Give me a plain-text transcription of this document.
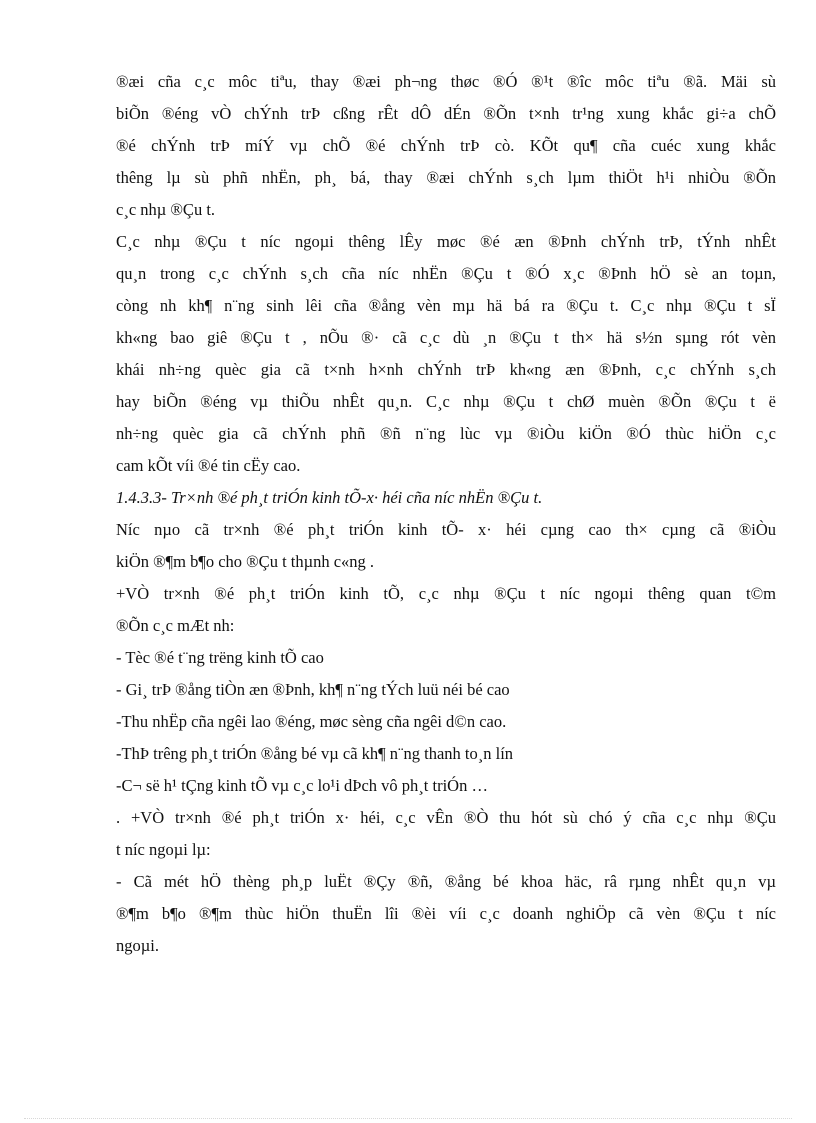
®æi cña c¸c môc tiªu, thay ®æi ph¬ng thøc ®Ó ®¹t ®îc môc tiªu ®ã. Mäi sù
biÕn ®éng vÒ chÝnh trÞ cßng rÊt dÔ dÉn ®Õn t×nh tr¹ng xung khắc gi÷a chÕ
®é chÝnh trÞ míÝ vµ chÕ ®é chÝnh trÞ cò. KÕt qu¶ cña cuéc xung khắc
thêng lµ sù phñ nhËn, ph¸ bá, thay ®æi chÝnh s¸ch lµm thiÖt h¹i nhiÒu ®Õn
c¸c nhµ ®Çu t.
C¸c nhµ ®Çu t níc ngoµi thêng lÊy møc ®é æn ®Þnh chÝnh trÞ, tÝnh nhÊt
qu¸n trong c¸c chÝnh s¸ch cña níc nhËn ®Çu t ®Ó x¸c ®Þnh hÖ sè an toµn,
còng nh kh¶ n¨ng sinh lêi cña ®ång vèn mµ hä bá ra ®Çu t. C¸c nhµ ®Çu t sÏ
kh«ng bao giê ®Çu t , nÕu ®· cã c¸c dù ¸n ®Çu t th× hä s½n sµng rót vèn
khái nh÷ng quèc gia cã t×nh h×nh chÝnh trÞ kh«ng æn ®Þnh, c¸c chÝnh s¸ch
hay biÕn ®éng vµ thiÕu nhÊt qu¸n. C¸c nhµ ®Çu t chØ muèn ®Õn ®Çu t ë
nh÷ng quèc gia cã chÝnh phñ ®ñ n¨ng lùc vµ ®iÒu kiÖn ®Ó thùc hiÖn c¸c
cam kÕt víi ®é tin cËy cao.
1.4.3.3- Tr×nh ®é ph¸t triÓn kinh tÕ-x· héi cña níc nhËn ®Çu t.
Níc nµo cã tr×nh ®é ph¸t triÓn kinh tÕ- x· héi cµng cao th× cµng cã ®iÒu
kiÖn ®¶m b¶o cho ®Çu t thµnh c«ng .
+VÒ tr×nh ®é ph¸t triÓn kinh tÕ, c¸c nhµ ®Çu t níc ngoµi thêng quan t©m
®Õn c¸c mÆt nh:
- Tèc ®é t¨ng trëng kinh tÕ cao
- Gi¸ trÞ ®ång tiÒn æn ®Þnh, kh¶ n¨ng tÝch luü néi bé cao
-Thu nhËp cña ngêi lao ®éng, møc sèng cña ngêi d©n cao.
-ThÞ trêng ph¸t triÓn ®ång bé vµ cã kh¶ n¨ng thanh to¸n lín
-C¬ së h¹ tÇng kinh tÕ vµ c¸c lo¹i dÞch vô ph¸t triÓn …
. +VÒ tr×nh ®é ph¸t triÓn x· héi, c¸c vÊn ®Ò thu hót sù chó ý cña c¸c nhµ ®Çu
t níc ngoµi lµ:
- Cã mét hÖ thèng ph¸p luËt ®Çy ®ñ, ®ång bé khoa häc, râ rµng nhÊt qu¸n vµ
®¶m b¶o ®¶m thùc hiÖn thuËn lîi ®èi víi c¸c doanh nghiÖp cã vèn ®Çu t níc
ngoµi.
